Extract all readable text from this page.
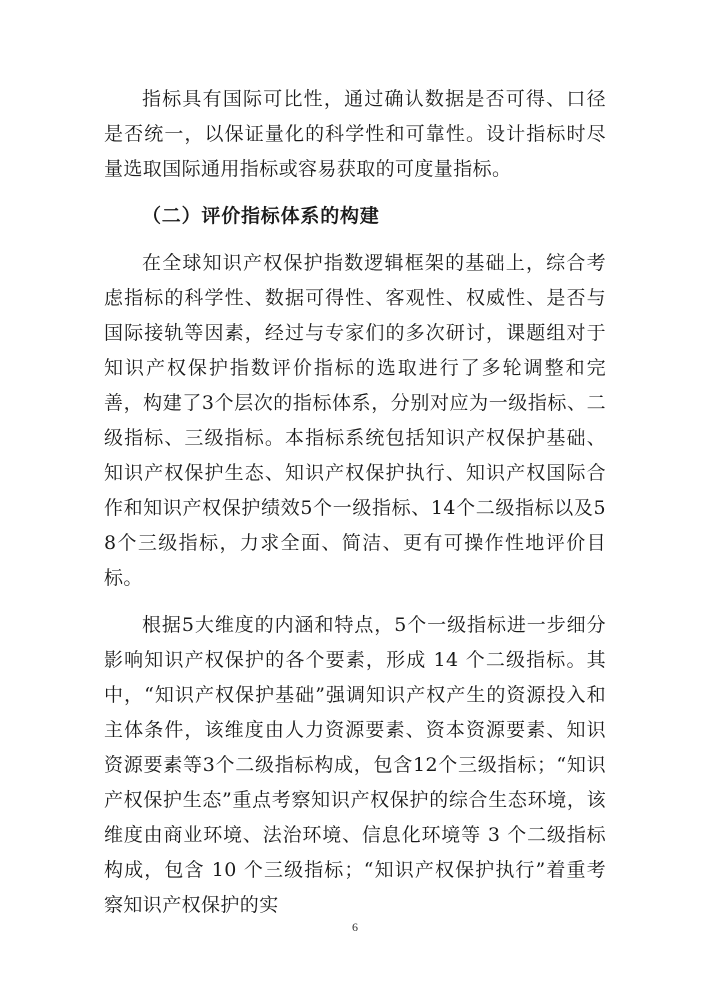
指标具有国际可比性，通过确认数据是否可得、口径是否统一，以保证量化的科学性和可靠性。设计指标时尽量选取国际通用指标或容易获取的可度量指标。

（二）评价指标体系的构建

在全球知识产权保护指数逻辑框架的基础上，综合考虑指标的科学性、数据可得性、客观性、权威性、是否与国际接轨等因素，经过与专家们的多次研讨，课题组对于知识产权保护指数评价指标的选取进行了多轮调整和完善，构建了3个层次的指标体系，分别对应为一级指标、二级指标、三级指标。本指标系统包括知识产权保护基础、知识产权保护生态、知识产权保护执行、知识产权国际合作和知识产权保护绩效5个一级指标、14个二级指标以及58个三级指标，力求全面、简洁、更有可操作性地评价目标。

根据5大维度的内涵和特点，5个一级指标进一步细分影响知识产权保护的各个要素，形成 14 个二级指标。其中，“知识产权保护基础”强调知识产权产生的资源投入和主体条件，该维度由人力资源要素、资本资源要素、知识资源要素等3个二级指标构成，包含12个三级指标；“知识产权保护生态”重点考察知识产权保护的综合生态环境，该维度由商业环境、法治环境、信息化环境等 3 个二级指标构成，包含 10 个三级指标；“知识产权保护执行”着重考察知识产权保护的实

6
